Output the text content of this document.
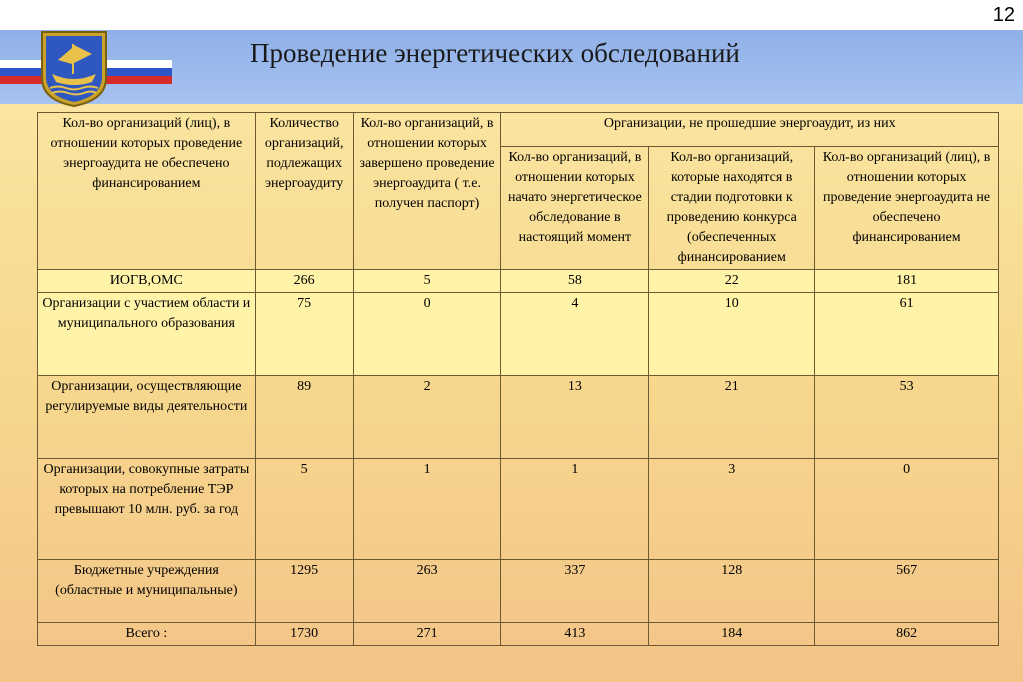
12
Проведение энергетических обследований
Кол-во организаций (лиц), в отношении которых проведение энергоаудита не обеспечено финансированием	Количество организаций, подлежащих энергоаудиту	Кол-во организаций, в отношении которых завершено проведение энергоаудита ( т.е. получен паспорт)	Организации, не прошедшие энергоаудит, из них		
			Кол-во организаций, в отношении которых начато энергетическое обследование в настоящий момент	Кол-во организаций, которые находятся в стадии подготовки к проведению конкурса (обеспеченных финансированием	Кол-во организаций (лиц), в отношении которых проведение энергоаудита не обеспечено финансированием
ИОГВ,ОМС	266	5	58	22	181
Организации с участием области и муниципального образования	75	0	4	10	61
Организации, осуществляющие регулируемые виды деятельности	89	2	13	21	53
Организации, совокупные затраты которых на потребление ТЭР превышают 10 млн. руб. за год	5	1	1	3	0
Бюджетные учреждения (областные и муниципальные)	1295	263	337	128	567
Всего :	1730	271	413	184	862
